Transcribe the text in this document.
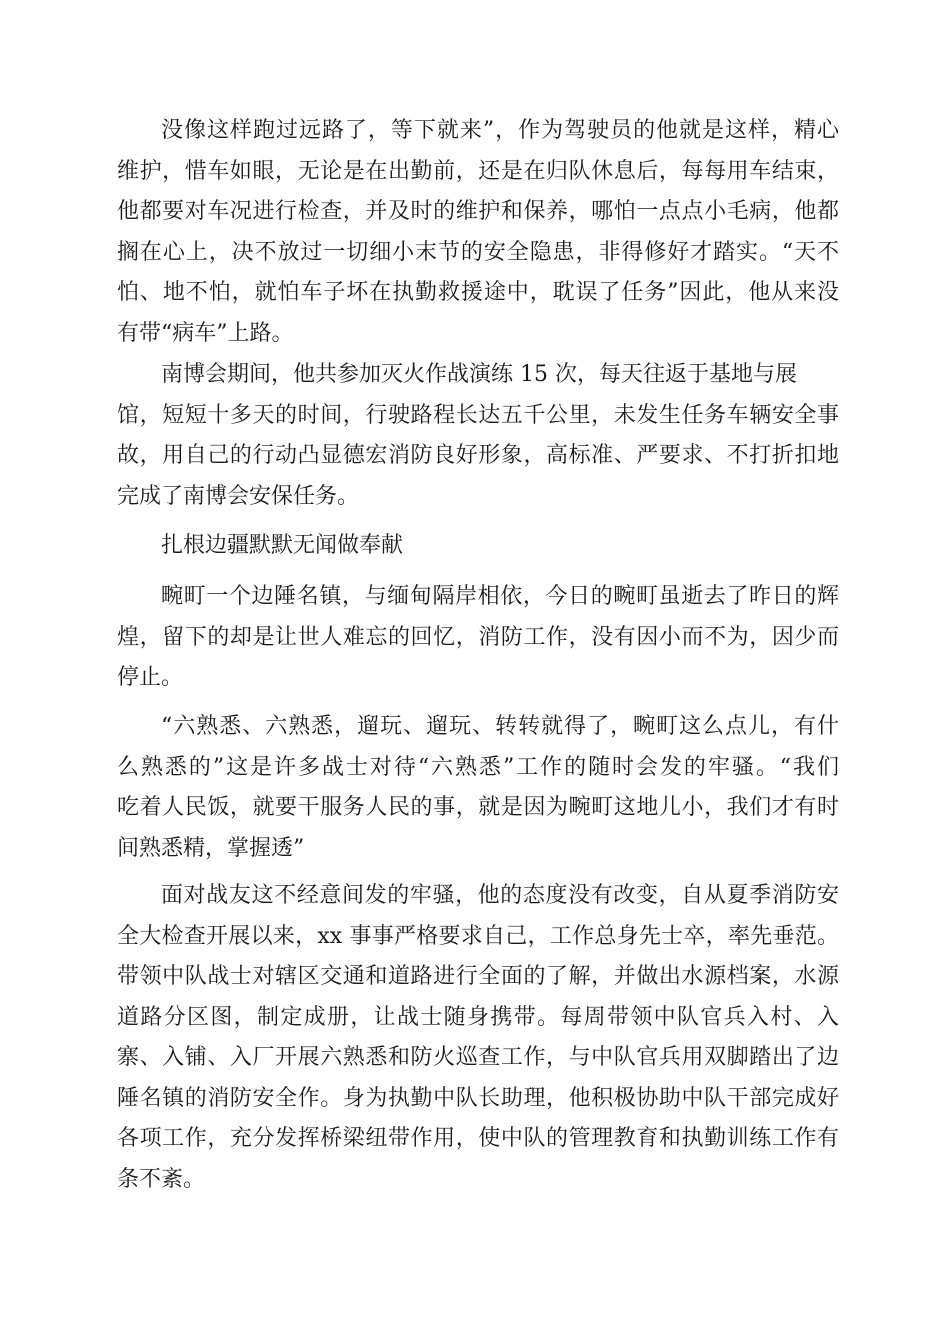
没像这样跑过远路了，等下就来”，作为驾驶员的他就是这样，精心
维护，惜车如眼，无论是在出勤前，还是在归队休息后，每每用车结束，
他都要对车况进行检查，并及时的维护和保养，哪怕一点点小毛病，他都
搁在心上，决不放过一切细小末节的安全隐患，非得修好才踏实。“天不
怕、地不怕，就怕车子坏在执勤救援途中，耽误了任务”因此，他从来没
有带“病车”上路。
南博会期间，他共参加灭火作战演练 15 次，每天往返于基地与展
馆，短短十多天的时间，行驶路程长达五千公里，未发生任务车辆安全事
故，用自己的行动凸显德宏消防良好形象，高标准、严要求、不打折扣地
完成了南博会安保任务。
扎根边疆默默无闻做奉献
畹町一个边陲名镇，与缅甸隔岸相依，今日的畹町虽逝去了昨日的辉
煌，留下的却是让世人难忘的回忆，消防工作，没有因小而不为，因少而
停止。
“六熟悉、六熟悉，遛玩、遛玩、转转就得了，畹町这么点儿，有什
么熟悉的”这是许多战士对待“六熟悉”工作的随时会发的牢骚。“我们
吃着人民饭，就要干服务人民的事，就是因为畹町这地儿小，我们才有时
间熟悉精，掌握透”
面对战友这不经意间发的牢骚，他的态度没有改变，自从夏季消防安
全大检查开展以来，xx 事事严格要求自己，工作总身先士卒，率先垂范。
带领中队战士对辖区交通和道路进行全面的了解，并做出水源档案，水源
道路分区图，制定成册，让战士随身携带。每周带领中队官兵入村、入
寨、入铺、入厂开展六熟悉和防火巡查工作，与中队官兵用双脚踏出了边
陲名镇的消防安全作。身为执勤中队长助理，他积极协助中队干部完成好
各项工作，充分发挥桥梁纽带作用，使中队的管理教育和执勤训练工作有
条不紊。
